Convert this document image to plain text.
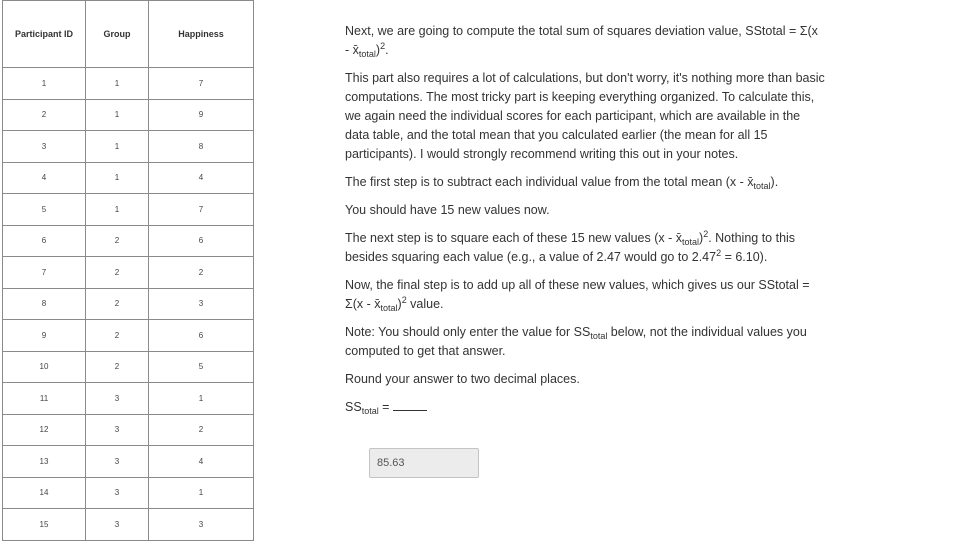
Participant ID	Group	Happiness
1	1	7
2	1	9
3	1	8
4	1	4
5	1	7
6	2	6
7	2	2
8	2	3
9	2	6
10	2	5
11	3	1
12	3	2
13	3	4
14	3	1
15	3	3

Next, we are going to compute the total sum of squares deviation value, SStotal = $\Sigma(x - x̄_{total})^2$.

This part also requires a lot of calculations, but don't worry, it's nothing more than basic computations. The most tricky part is keeping everything organized. To calculate this, we again need the individual scores for each participant, which are available in the data table, and the total mean that you calculated earlier (the mean for all 15 participants). I would strongly recommend writing this out in your notes.

The first step is to subtract each individual value from the total mean $(x - x̄_{total})$.

You should have 15 new values now.

The next step is to square each of these 15 new values $(x - x̄_{total})^2$. Nothing to this besides squaring each value (e.g., a value of 2.47 would go to $2.47^2 = 6.10$).

Now, the final step is to add up all of these new values, which gives us our SStotal = $\Sigma(x - x̄_{total})^2$ value.

Note: You should only enter the value for $SS_{total}$ below, not the individual values you computed to get that answer.

Round your answer to two decimal places.

$SS_{total}$ =

85.63
